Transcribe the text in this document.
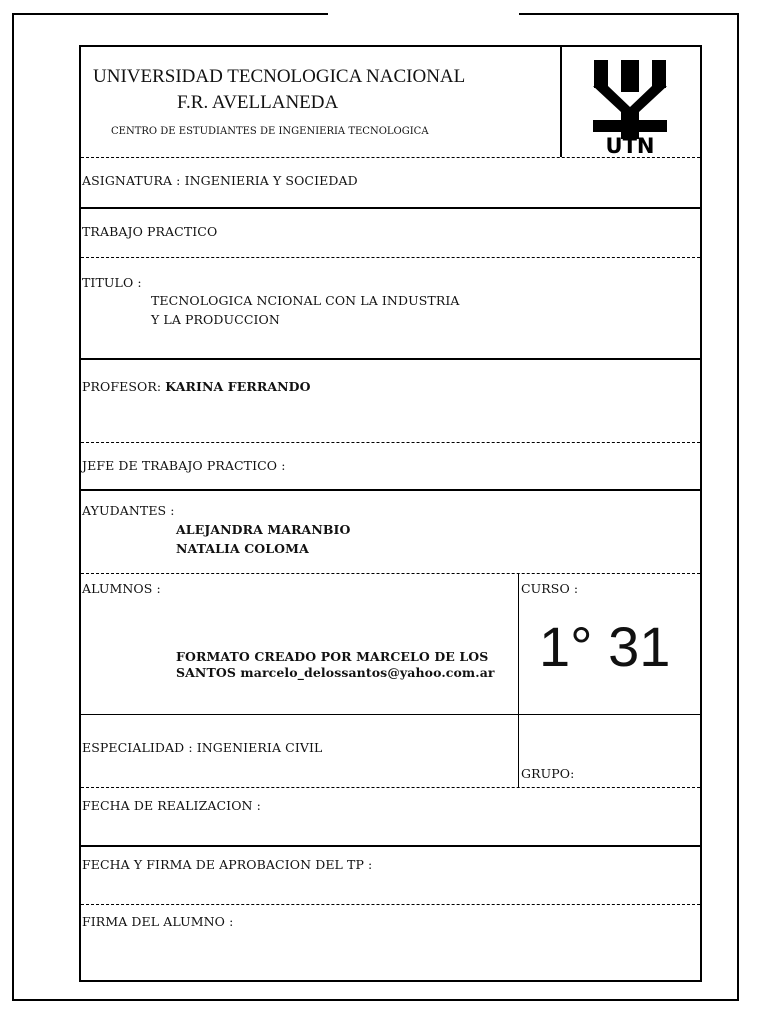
UNIVERSIDAD TECNOLOGICA NACIONAL
F.R. AVELLANEDA
CENTRO DE ESTUDIANTES DE INGENIERIA TECNOLOGICA
UTN
ASIGNATURA : INGENIERIA Y SOCIEDAD
TRABAJO PRACTICO
TITULO :
TECNOLOGICA NCIONAL CON LA INDUSTRIA
Y LA PRODUCCION
PROFESOR: KARINA FERRANDO
JEFE DE TRABAJO PRACTICO :
AYUDANTES :
ALEJANDRA MARANBIO
NATALIA COLOMA
ALUMNOS :
FORMATO CREADO POR MARCELO DE LOS
SANTOS marcelo_delossantos@yahoo.com.ar
CURSO :
1° 31
ESPECIALIDAD : INGENIERIA CIVIL
GRUPO:
FECHA DE REALIZACION :
FECHA Y FIRMA DE APROBACION DEL TP :
FIRMA DEL ALUMNO :
